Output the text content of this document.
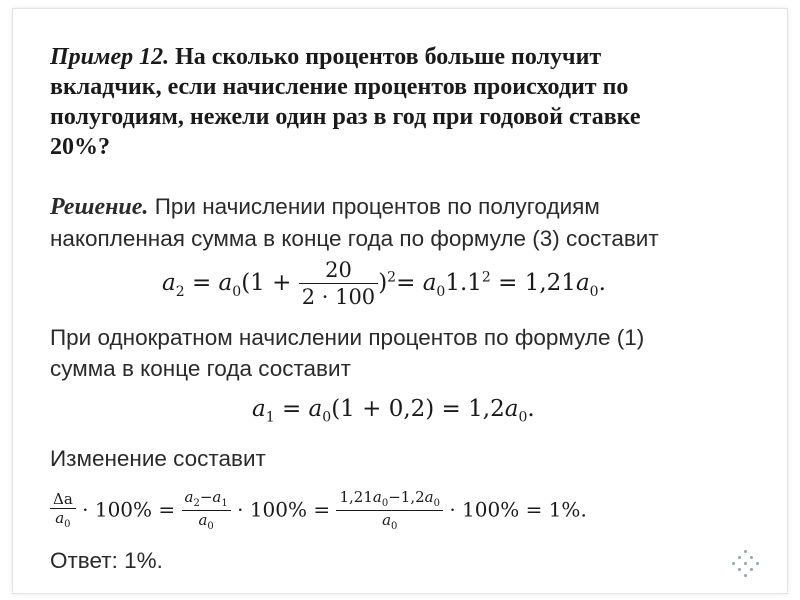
Пример 12. На сколько процентов больше получит
вкладчик, если начисление процентов происходит по
полугодиям, нежели один раз в год при годовой ставке
20%?
Решение. При начислении процентов по полугодиям
накопленная сумма в конце года по формуле (3) составит
$a_2 = a_0(1 + \frac{20}{2 \cdot 100} )^2= a_01.1^2 = 1,21a_0$.
При однократном начислении процентов по формуле (1)
сумма в конце года составит
$a_1 = a_0(1 + 0,2) = 1,2a_0$.
Изменение составит
$\frac{\Delta a}{a_0} \cdot 100\% = \frac{a_2-a_1}{a_0} \cdot 100\% = \frac{1,21a_0-1,2a_0}{a_0} \cdot 100\% = 1\%$.
Ответ: 1%.
